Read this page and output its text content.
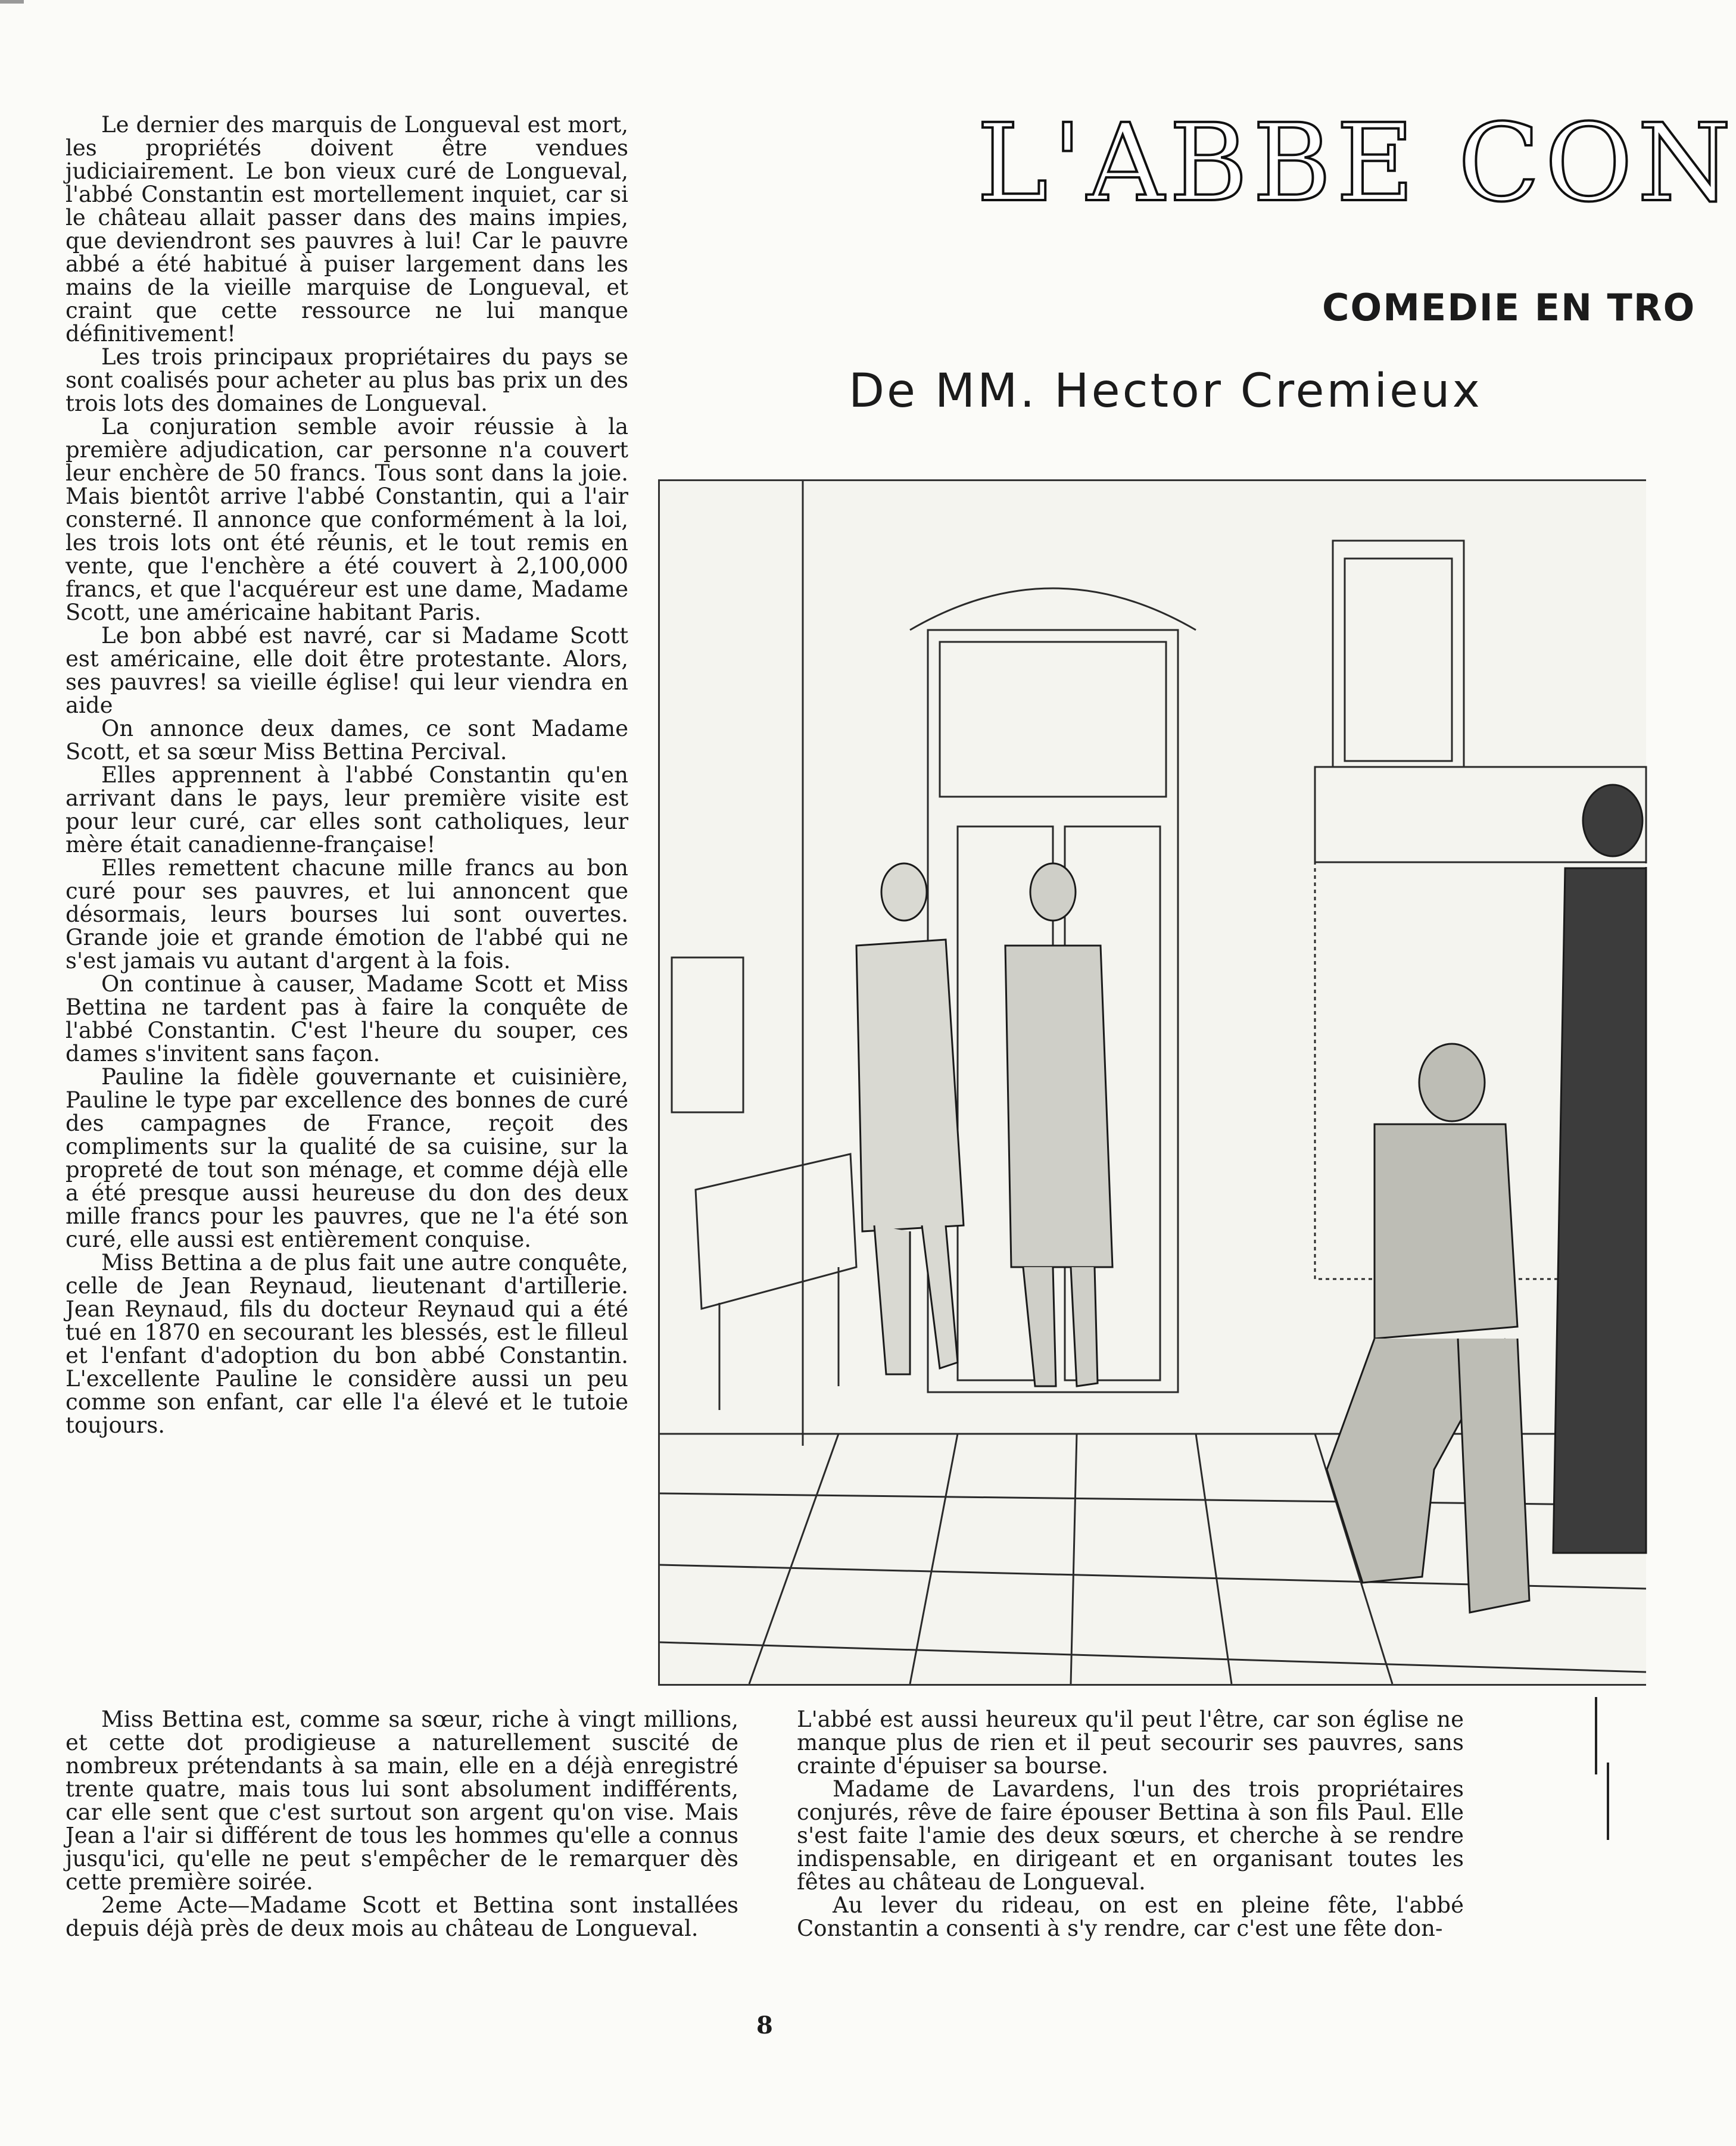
Le dernier des marquis de Longueval est mort, les propriétés doivent être vendues judiciairement. Le bon vieux curé de Longueval, l'abbé Constantin est mortellement inquiet, car si le château allait passer dans des mains impies, que deviendront ses pauvres à lui! Car le pauvre abbé a été habitué à puiser largement dans les mains de la vieille marquise de Longueval, et craint que cette ressource ne lui manque définitivement!

Les trois principaux propriétaires du pays se sont coalisés pour acheter au plus bas prix un des trois lots des domaines de Longueval.

La conjuration semble avoir réussie à la première adjudication, car personne n'a couvert leur enchère de 50 francs. Tous sont dans la joie. Mais bientôt arrive l'abbé Constantin, qui a l'air consterné. Il annonce que conformément à la loi, les trois lots ont été réunis, et le tout remis en vente, que l'enchère a été couvert à 2,100,000 francs, et que l'acquéreur est une dame, Madame Scott, une américaine habitant Paris.

Le bon abbé est navré, car si Madame Scott est américaine, elle doit être protestante. Alors, ses pauvres! sa vieille église! qui leur viendra en aide

On annonce deux dames, ce sont Madame Scott, et sa sœur Miss Bettina Percival.

Elles apprennent à l'abbé Constantin qu'en arrivant dans le pays, leur première visite est pour leur curé, car elles sont catholiques, leur mère était canadienne-française!

Elles remettent chacune mille francs au bon curé pour ses pauvres, et lui annoncent que désormais, leurs bourses lui sont ouvertes. Grande joie et grande émotion de l'abbé qui ne s'est jamais vu autant d'argent à la fois.

On continue à causer, Madame Scott et Miss Bettina ne tardent pas à faire la conquête de l'abbé Constantin. C'est l'heure du souper, ces dames s'invitent sans façon.

Pauline la fidèle gouvernante et cuisinière, Pauline le type par excellence des bonnes de curé des campagnes de France, reçoit des compliments sur la qualité de sa cuisine, sur la propreté de tout son ménage, et comme déjà elle a été presque aussi heureuse du don des deux mille francs pour les pauvres, que ne l'a été son curé, elle aussi est entièrement conquise.

Miss Bettina a de plus fait une autre conquête, celle de Jean Reynaud, lieutenant d'artillerie. Jean Reynaud, fils du docteur Reynaud qui a été tué en 1870 en secourant les blessés, est le filleul et l'enfant d'adoption du bon abbé Constantin. L'excellente Pauline le considère aussi un peu comme son enfant, car elle l'a élevé et le tutoie toujours.

L'ABBE CON
COMEDIE EN TRO
De MM. Hector Cremieux

Miss Bettina est, comme sa sœur, riche à vingt millions, et cette dot prodigieuse a naturellement suscité de nombreux prétendants à sa main, elle en a déjà enregistré trente quatre, mais tous lui sont absolument indifférents, car elle sent que c'est surtout son argent qu'on vise. Mais Jean a l'air si différent de tous les hommes qu'elle a connus jusqu'ici, qu'elle ne peut s'empêcher de le remarquer dès cette première soirée.

2eme Acte—Madame Scott et Bettina sont installées depuis déjà près de deux mois au château de Longueval.

L'abbé est aussi heureux qu'il peut l'être, car son église ne manque plus de rien et il peut secourir ses pauvres, sans crainte d'épuiser sa bourse.

Madame de Lavardens, l'un des trois propriétaires conjurés, rêve de faire épouser Bettina à son fils Paul. Elle s'est faite l'amie des deux sœurs, et cherche à se rendre indispensable, en dirigeant et en organisant toutes les fêtes au château de Longueval.

Au lever du rideau, on est en pleine fête, l'abbé Constantin a consenti à s'y rendre, car c'est une fête don-

8
